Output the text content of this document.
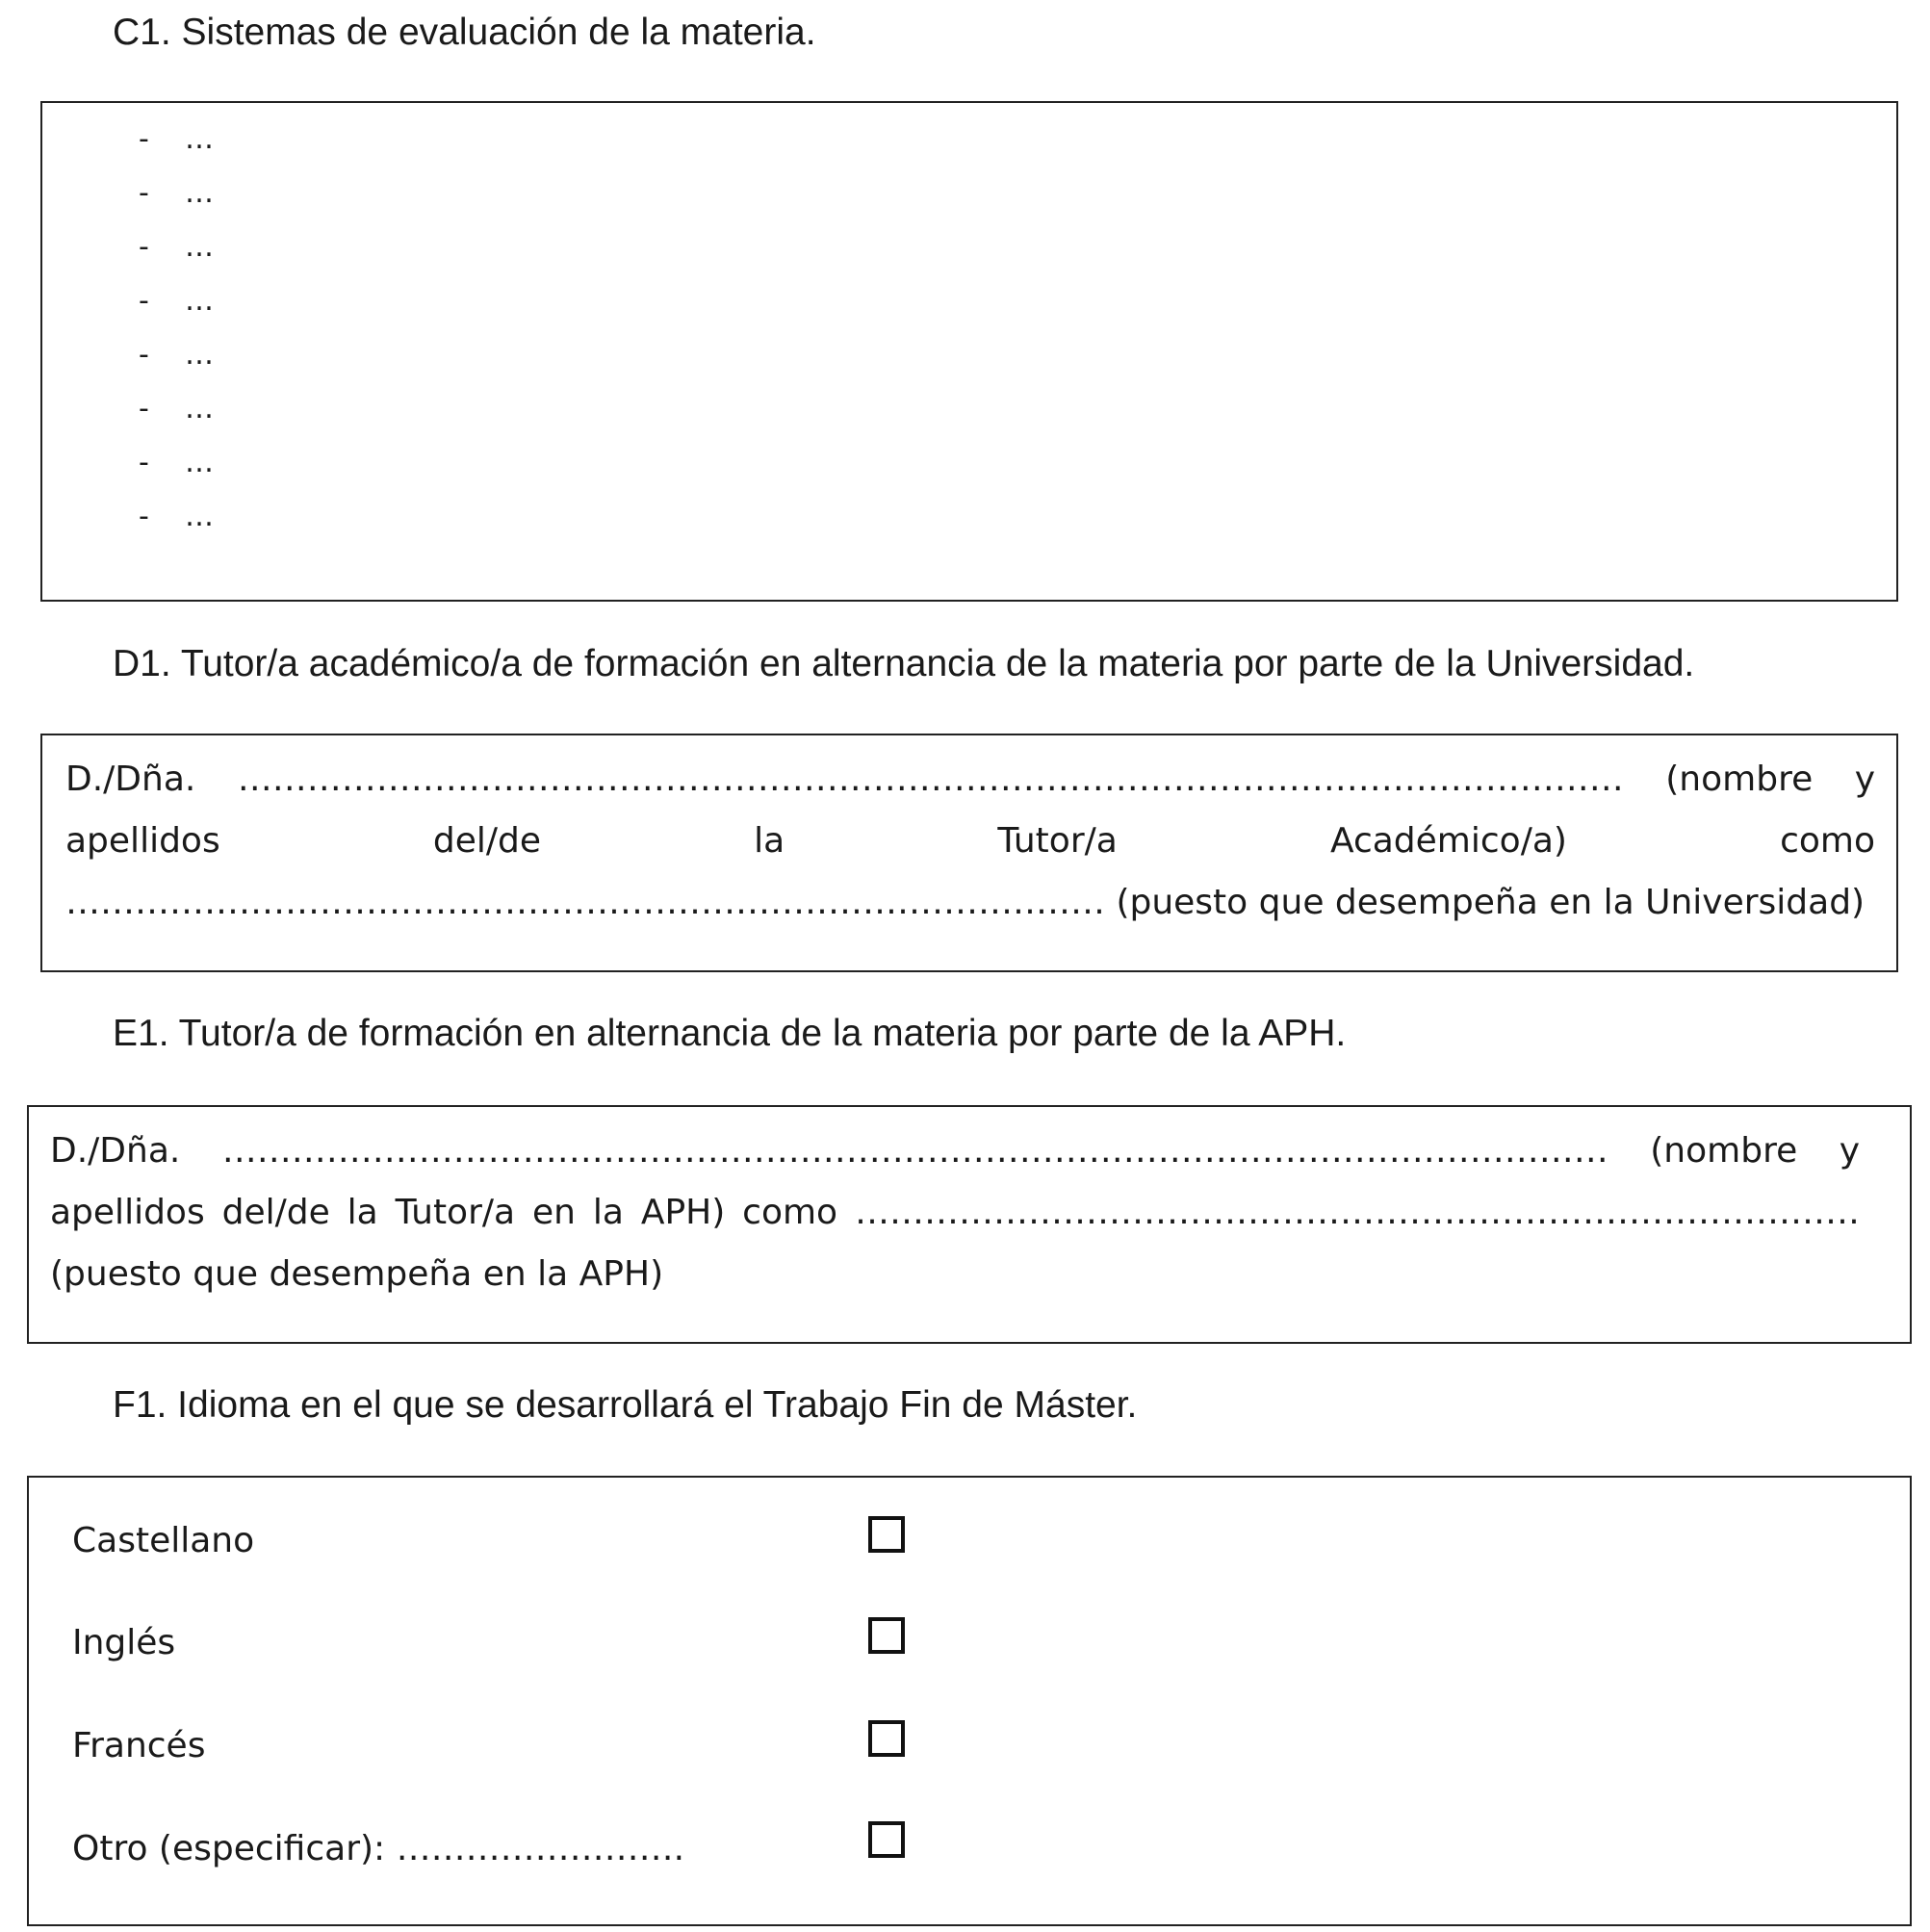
C1. Sistemas de evaluación de la materia.
- …
- …
- …
- …
- …
- …
- …
- …
D1. Tutor/a académico/a de formación en alternancia de la materia por parte de la Universidad.
D./Dña. ………………………………………………………………………………………………………… (nombre y apellidos del/de la Tutor/a Académico/a) como ……………………………………………………………………………… (puesto que desempeña en la Universidad)
E1. Tutor/a de formación en alternancia de la materia por parte de la APH.
D./Dña. ………………………………………………………………………………………………………… (nombre y apellidos del/de la Tutor/a en la APH) como …………………………………………………………………………… (puesto que desempeña en la APH)
F1. Idioma en el que se desarrollará el Trabajo Fin de Máster.
Castellano
Inglés
Francés
Otro (especificar): …………………….
